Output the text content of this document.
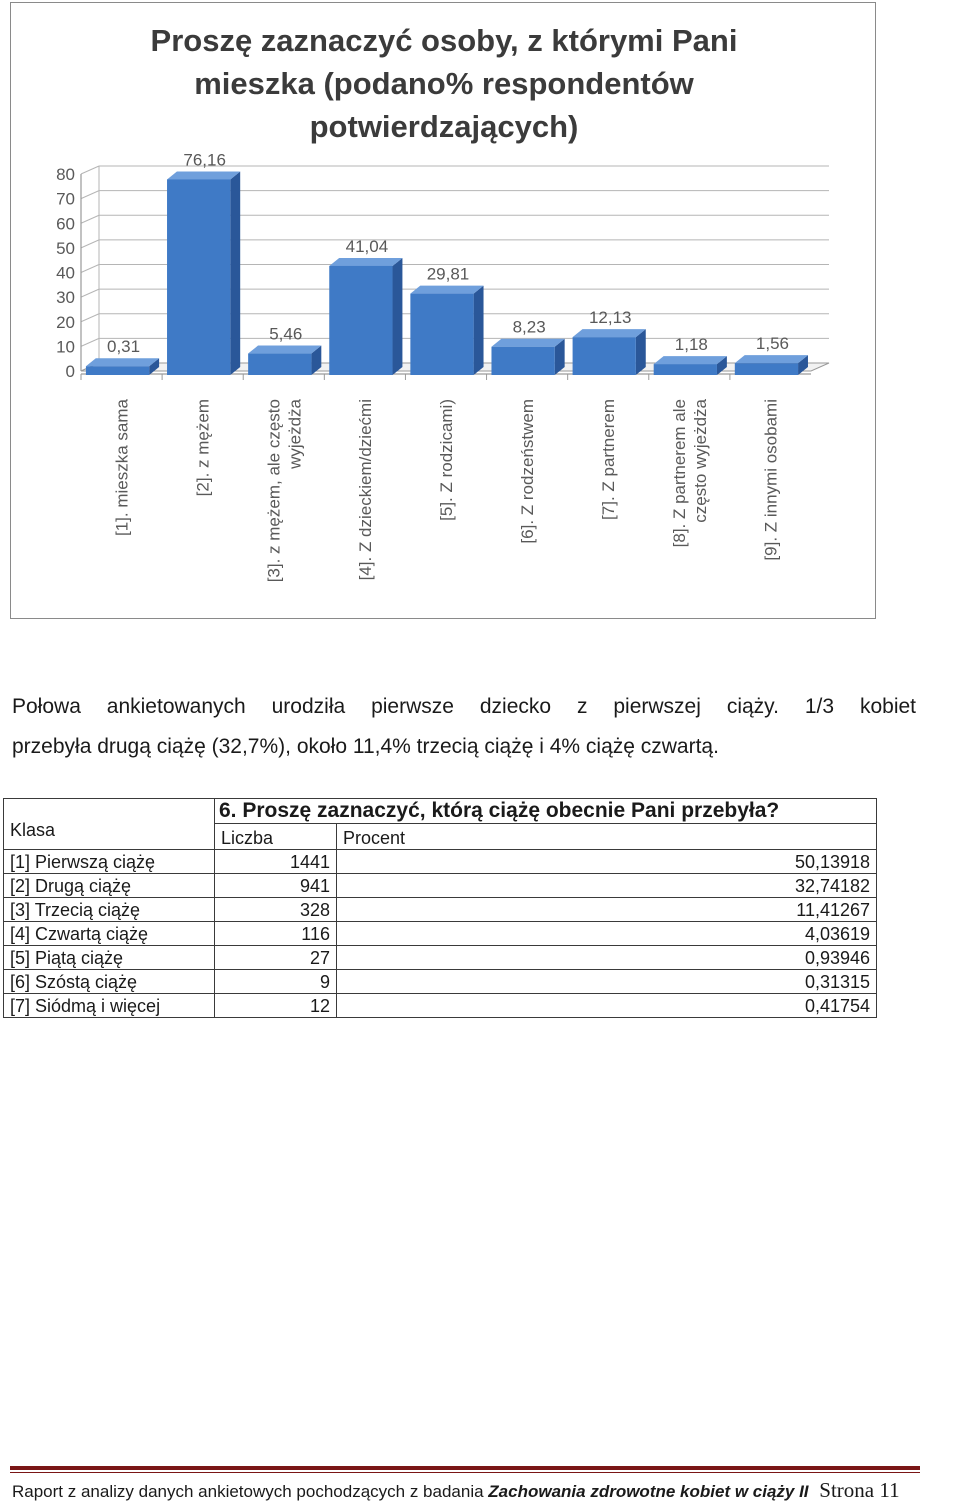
Proszę zaznaczyć osoby, z którymi Pani
mieszka (podano% respondentów
potwierdzających)
0
10
20
30
40
50
60
70
80
0,31
[1]. mieszka sama
76,16
[2]. z mężem
5,46
[3]. z mężem, ale często wyjeżdża
41,04
[4]. Z dzieckiem/dziećmi
29,81
[5]. Z rodzicami)
8,23
[6]. Z rodzeństwem
12,13
[7]. Z partnerem
1,18
[8]. Z partnerem ale często wyjeżdża
1,56
[9]. Z innymi osobami
Połowa ankietowanych urodziła pierwsze dziecko z pierwszej ciąży. 1/3 kobiet
przebyła drugą ciążę (32,7%), około 11,4% trzecią ciążę i 4% ciążę czwartą.
Klasa	6. Proszę zaznaczyć, którą ciążę obecnie Pani przebyła?	
	Liczba	Procent
[1] Pierwszą ciążę	1441	50,13918
[2] Drugą ciążę	941	32,74182
[3] Trzecią ciążę	328	11,41267
[4] Czwartą ciążę	116	4,03619
[5] Piątą ciążę	27	0,93946
[6] Szóstą ciążę	9	0,31315
[7] Siódmą i więcej	12	0,41754
Raport z analizy danych ankietowych pochodzących z badania Zachowania zdrowotne kobiet w ciąży II Strona 11
